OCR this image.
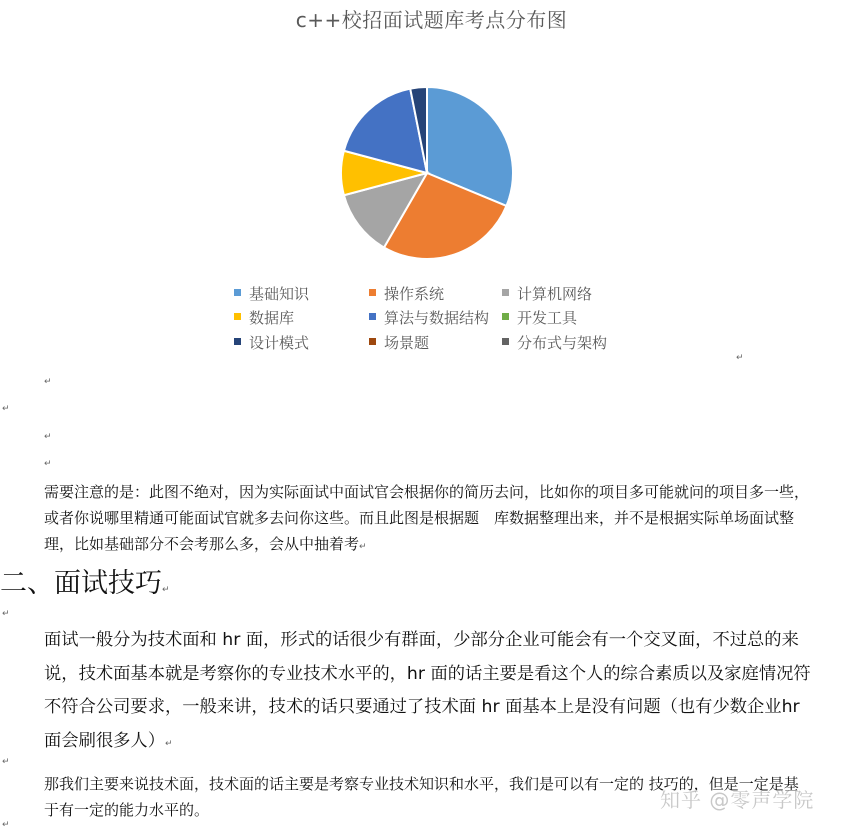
c++校招面试题库考点分布图
基础知识	操作系统	计算机网络
数据库	算法与数据结构	开发工具
设计模式	场景题	分布式与架构
↵
↵
↵
↵
↵
需要注意的是：此图不绝对，因为实际面试中面试官会根据你的简历去问，比如你的项目多可能就问的项目多一些，或者你说哪里精通可能面试官就多去问你这些。而且此图是根据题　库数据整理出来，并不是根据实际单场面试整理，比如基础部分不会考那么多，会从中抽着考↵
二、面试技巧↵
↵
面试一般分为技术面和 hr 面，形式的话很少有群面，少部分企业可能会有一个交叉面，不过总的来说，技术面基本就是考察你的专业技术水平的，hr 面的话主要是看这个人的综合素质以及家庭情况符不符合公司要求，一般来讲，技术的话只要通过了技术面 hr 面基本上是没有问题（也有少数企业hr 面会刷很多人）↵
↵
那我们主要来说技术面，技术面的话主要是考察专业技术知识和水平，我们是可以有一定的 技巧的，但是一定是基于有一定的能力水平的。
↵
知乎 @零声学院
